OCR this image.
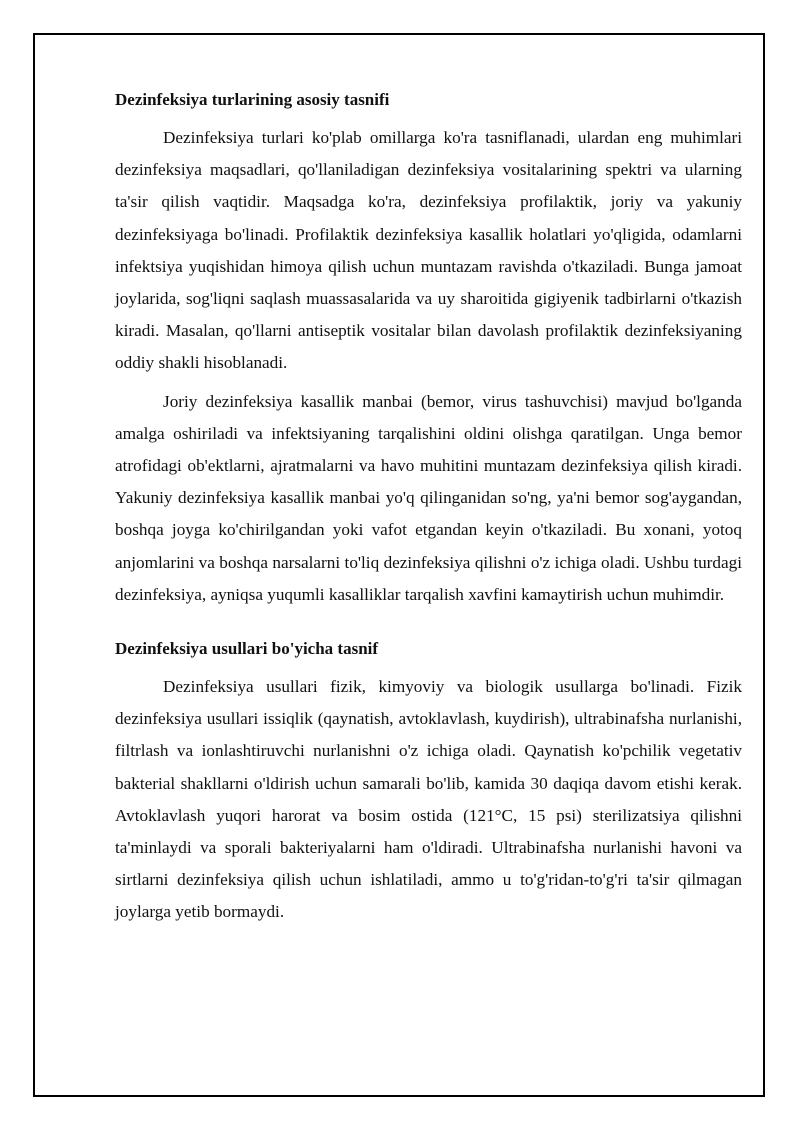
Dezinfeksiya turlarining asosiy tasnifi

Dezinfeksiya turlari ko'plab omillarga ko'ra tasniflanadi, ulardan eng muhimlari dezinfeksiya maqsadlari, qo'llaniladigan dezinfeksiya vositalarining spektri va ularning ta'sir qilish vaqtidir. Maqsadga ko'ra, dezinfeksiya profilaktik, joriy va yakuniy dezinfeksiyaga bo'linadi. Profilaktik dezinfeksiya kasallik holatlari yo'qligida, odamlarni infektsiya yuqishidan himoya qilish uchun muntazam ravishda o'tkaziladi. Bunga jamoat joylarida, sog'liqni saqlash muassasalarida va uy sharoitida gigiyenik tadbirlarni o'tkazish kiradi. Masalan, qo'llarni antiseptik vositalar bilan davolash profilaktik dezinfeksiyaning oddiy shakli hisoblanadi.

Joriy dezinfeksiya kasallik manbai (bemor, virus tashuvchisi) mavjud bo'lganda amalga oshiriladi va infektsiyaning tarqalishini oldini olishga qaratilgan. Unga bemor atrofidagi ob'ektlarni, ajratmalarni va havo muhitini muntazam dezinfeksiya qilish kiradi. Yakuniy dezinfeksiya kasallik manbai yo'q qilinganidan so'ng, ya'ni bemor sog'aygandan, boshqa joyga ko'chirilgandan yoki vafot etgandan keyin o'tkaziladi. Bu xonani, yotoq anjomlarini va boshqa narsalarni to'liq dezinfeksiya qilishni o'z ichiga oladi. Ushbu turdagi dezinfeksiya, ayniqsa yuqumli kasalliklar tarqalish xavfini kamaytirish uchun muhimdir.

Dezinfeksiya usullari bo'yicha tasnif

Dezinfeksiya usullari fizik, kimyoviy va biologik usullarga bo'linadi. Fizik dezinfeksiya usullari issiqlik (qaynatish, avtoklavlash, kuydirish), ultrabinafsha nurlanishi, filtrlash va ionlashtiruvchi nurlanishni o'z ichiga oladi. Qaynatish ko'pchilik vegetativ bakterial shakllarni o'ldirish uchun samarali bo'lib, kamida 30 daqiqa davom etishi kerak. Avtoklavlash yuqori harorat va bosim ostida (121°C, 15 psi) sterilizatsiya qilishni ta'minlaydi va sporali bakteriyalarni ham o'ldiradi. Ultrabinafsha nurlanishi havoni va sirtlarni dezinfeksiya qilish uchun ishlatiladi, ammo u to'g'ridan-to'g'ri ta'sir qilmagan joylarga yetib bormaydi.
